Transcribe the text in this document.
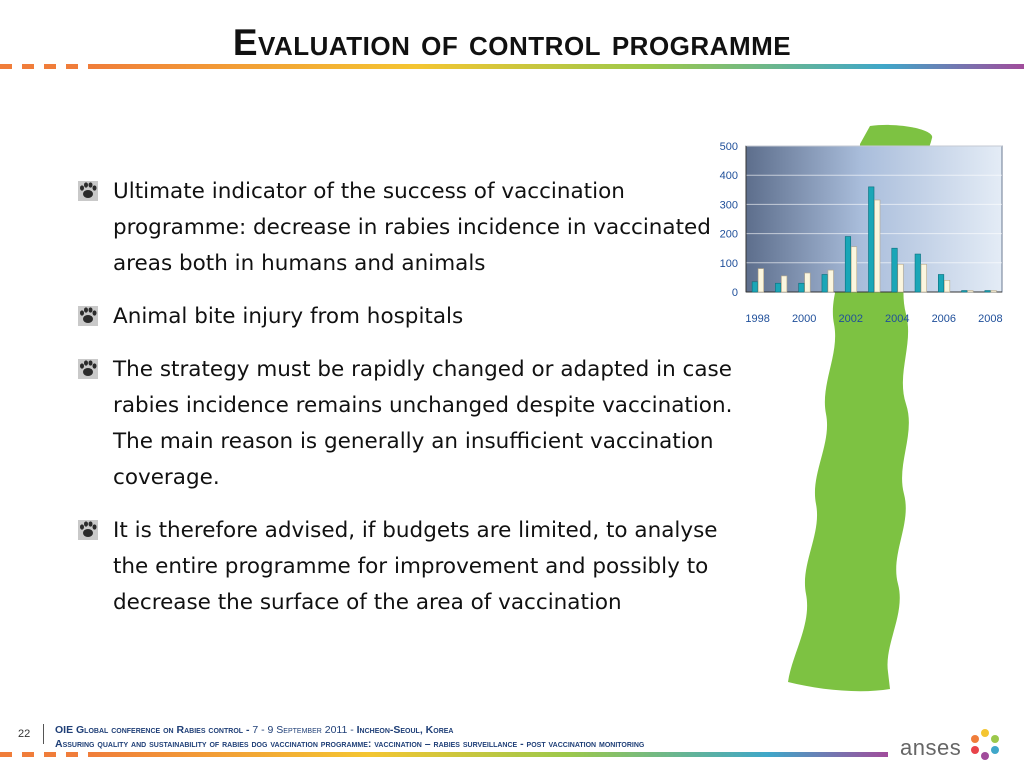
Evaluation of control programme
Ultimate indicator of the success of vaccination programme: decrease in rabies incidence in vaccinated areas both in humans and animals
Animal bite injury from hospitals
The strategy must be rapidly changed or adapted in case rabies incidence remains unchanged despite vaccination. The main reason is generally an insufficient vaccination coverage.
It is therefore advised, if budgets are limited, to analyse the entire programme for improvement and possibly to decrease the surface of the area of vaccination
0
100
200
300
400
500
1998 2000 2002 2004 2006 2008
22 OIE Global conference on Rabies control - 7 - 9 September 2011 - Incheon-Seoul, Korea
Assuring quality and sustainability of rabies dog vaccination programme: vaccination – rabies surveillance - post vaccination monitoring	anses
